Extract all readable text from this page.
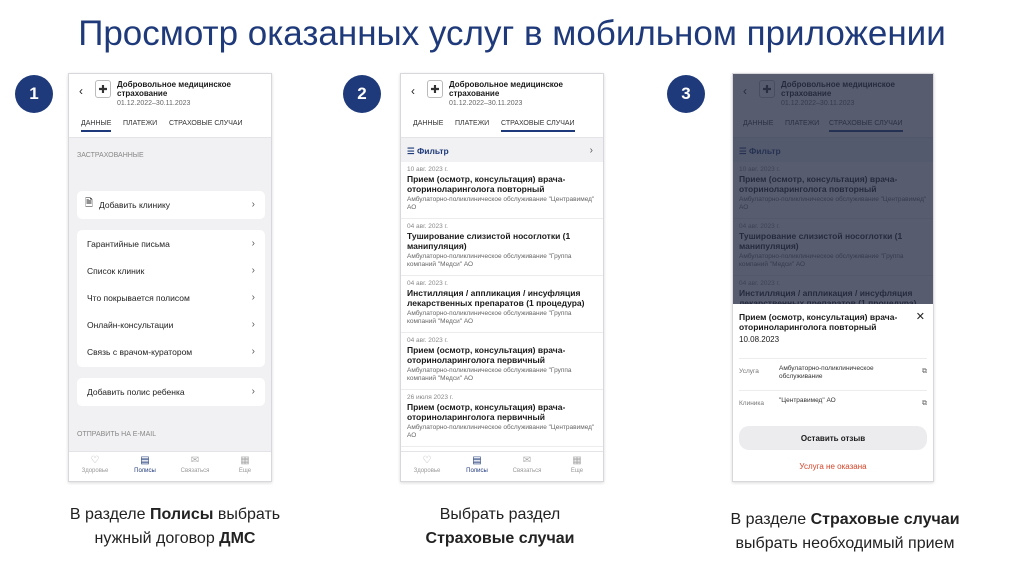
Просмотр оказанных услуг в мобильном приложении
1	2	3
‹	✚	Добровольное медицинское страхование
01.12.2022–30.11.2023
ДАННЫЕ ПЛАТЕЖИ СТРАХОВЫЕ СЛУЧАИ
ЗАСТРАХОВАННЫЕ
🗎 Добавить клинику	›
Гарантийные письма	›
Список клиник	›
Что покрывается полисом	›
Онлайн-консультации	›
Связь с врачом-куратором	›
Добавить полис ребенка	›
ОТПРАВИТЬ НА E-MAIL
♡
Здоровье
▤
Полисы
✉
Связаться
▦
Еще
‹	✚	Добровольное медицинское страхование
01.12.2022–30.11.2023
ДАННЫЕ ПЛАТЕЖИ СТРАХОВЫЕ СЛУЧАИ
☰ Фильтр	›
10 авг. 2023 г.
Прием (осмотр, консультация) врача-оториноларинголога повторный
Амбулаторно-поликлиническое обслуживание "Центравимед" АО
04 авг. 2023 г.
Туширование слизистой носоглотки (1 манипуляция)
Амбулаторно-поликлиническое обслуживание "Группа компаний "Медси" АО
04 авг. 2023 г.
Инстилляция / аппликация / инсуфляция лекарственных препаратов (1 процедура)
Амбулаторно-поликлиническое обслуживание "Группа компаний "Медси" АО
04 авг. 2023 г.
Прием (осмотр, консультация) врача-оториноларинголога первичный
Амбулаторно-поликлиническое обслуживание "Группа компаний "Медси" АО
26 июля 2023 г.
Прием (осмотр, консультация) врача-оториноларинголога первичный
Амбулаторно-поликлиническое обслуживание "Центравимед" АО
♡
Здоровье
▤
Полисы
✉
Связаться
▦
Еще
Прием (осмотр, консультация) врача-оториноларинголога повторный
✕
10.08.2023
Услуга	Амбулаторно-поликлиническое обслуживание
⧉
Клиника "Центравимед" АО	⧉
Оставить отзыв
Услуга не оказана
В разделе Полисы выбрать
нужный договор ДМС
Выбрать раздел
Страховые случаи
В разделе Страховые случаи
выбрать необходимый прием
